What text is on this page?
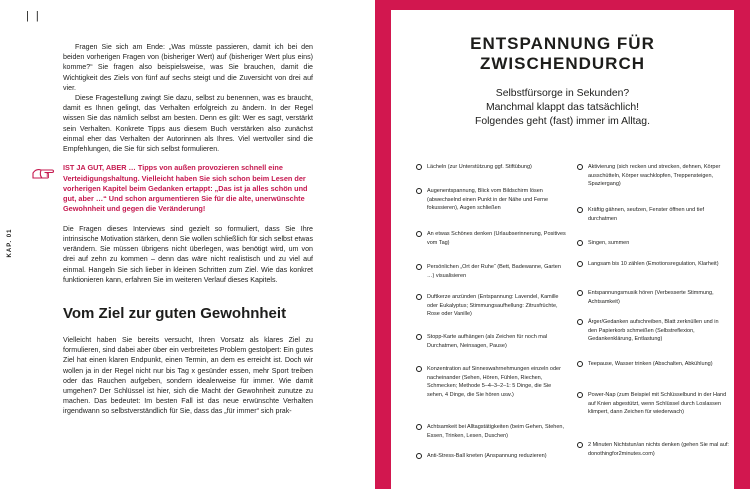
| |
KAP. 01

Fragen Sie sich am Ende: „Was müsste passieren, damit ich bei den beiden vorherigen Fragen von (bisheriger Wert) auf (bisheriger Wert plus eins) komme?“ Sie fragen also beispielsweise, was Sie brauchen, damit die Wichtigkeit des Ziels von fünf auf sechs steigt und die Zuversicht von drei auf vier.

Diese Fragestellung zwingt Sie dazu, selbst zu benennen, was es braucht, damit es Ihnen gelingt, das Verhalten erfolgreich zu ändern. In der Regel wissen Sie das nämlich selbst am besten. Denn es gilt: Wer es sagt, verstärkt sein Verhalten. Konkrete Tipps aus diesem Buch verstärken also zunächst einmal eher das Verhalten der Autorinnen als Ihres. Viel wertvoller sind die Empfehlungen, die Sie für sich selbst formulieren.

IST JA GUT, ABER … Tipps von außen provozieren schnell eine Verteidigungshaltung. Vielleicht haben Sie sich schon beim Lesen der vorherigen Kapitel beim Gedanken ertappt: „Das ist ja alles schön und gut, aber …“ Und schon argumentieren Sie für die alte, unerwünschte Gewohnheit und gegen die Veränderung!

Die Fragen dieses Interviews sind gezielt so formuliert, dass Sie Ihre intrinsische Motivation stärken, denn Sie wollen schließlich für sich selbst etwas verändern. Sie müssen übrigens nicht überlegen, was benötigt wird, um von drei auf zehn zu kommen – denn das wäre nicht realistisch und zu viel auf einmal. Hangeln Sie sich lieber in kleinen Schritten zum Ziel. Wie das konkret funktionieren kann, erfahren Sie im weiteren Verlauf dieses Kapitels.

Vom Ziel zur guten Gewohnheit

Vielleicht haben Sie bereits versucht, Ihren Vorsatz als klares Ziel zu formulieren, sind dabei aber über ein verbreitetes Problem gestolpert: Ein gutes Ziel hat einen klaren Endpunkt, einen Termin, an dem es erreicht ist. Doch wir wollen ja in der Regel nicht nur bis Tag x gesünder essen, mehr Sport treiben oder das Rauchen aufgeben, sondern idealerweise für immer. Wie damit umgehen? Der Schlüssel ist hier, sich die Macht der Gewohnheit zunutze zu machen. Das bedeutet: Im besten Fall ist das neue erwünschte Verhalten irgendwann so selbstverständlich für Sie, dass das „für immer“ sich prak-

ENTSPANNUNG FÜR
ZWISCHENDURCH
Selbstfürsorge in Sekunden?
Manchmal klappt das tatsächlich!
Folgendes geht (fast) immer im Alltag.
Lächeln (zur Unterstützung ggf. Stiftübung)
Augenentspannung, Blick vom Bildschirm lösen (abwechselnd einen Punkt in der Nähe und Ferne fokussieren), Augen schließen
An etwas Schönes denken (Urlaubserinnerung, Positives vom Tag)
Persönlichen „Ort der Ruhe“ (Bett, Badewanne, Garten …) visualisieren
Duftkerze anzünden (Entspannung: Lavendel, Kamille oder Eukalyptus; Stimmungsaufhellung: Zitrusfrüchte, Rose oder Vanille)
Stopp-Karte aufhängen (als Zeichen für noch mal Durchatmen, Neinsagen, Pause)
Konzentration auf Sinneswahrnehmungen einzeln oder nacheinander (Sehen, Hören, Fühlen, Riechen, Schmecken; Methode 5–4–3–2–1: 5 Dinge, die Sie sehen, 4 Dinge, die Sie hören usw.)
Achtsamkeit bei Alltagstätigkeiten (beim Gehen, Stehen, Essen, Trinken, Lesen, Duschen)
Anti-Stress-Ball kneten (Anspannung reduzieren)
Aktivierung (sich recken und strecken, dehnen, Körper ausschütteln, Körper wachklopfen, Treppensteigen, Spaziergang)
Kräftig gähnen, seufzen, Fenster öffnen und tief durchatmen
Singen, summen
Langsam bis 10 zählen (Emotionsregulation, Klarheit)
Entspannungsmusik hören (Verbesserte Stimmung, Achtsamkeit)
Ärger/Gedanken aufschreiben, Blatt zerknüllen und in den Papierkorb schmeißen (Selbstreflexion, Gedankenklärung, Entlastung)
Teepause, Wasser trinken (Abschalten, Abkühlung)
Power-Nap (zum Beispiel mit Schlüsselbund in der Hand auf Knien abgestützt, wenn Schlüssel durch Loslassen klimpert, dann Zeichen für wiederwach)
2 Minuten Nichtstun/an nichts denken (gehen Sie mal auf: donothingfor2minutes.com)
